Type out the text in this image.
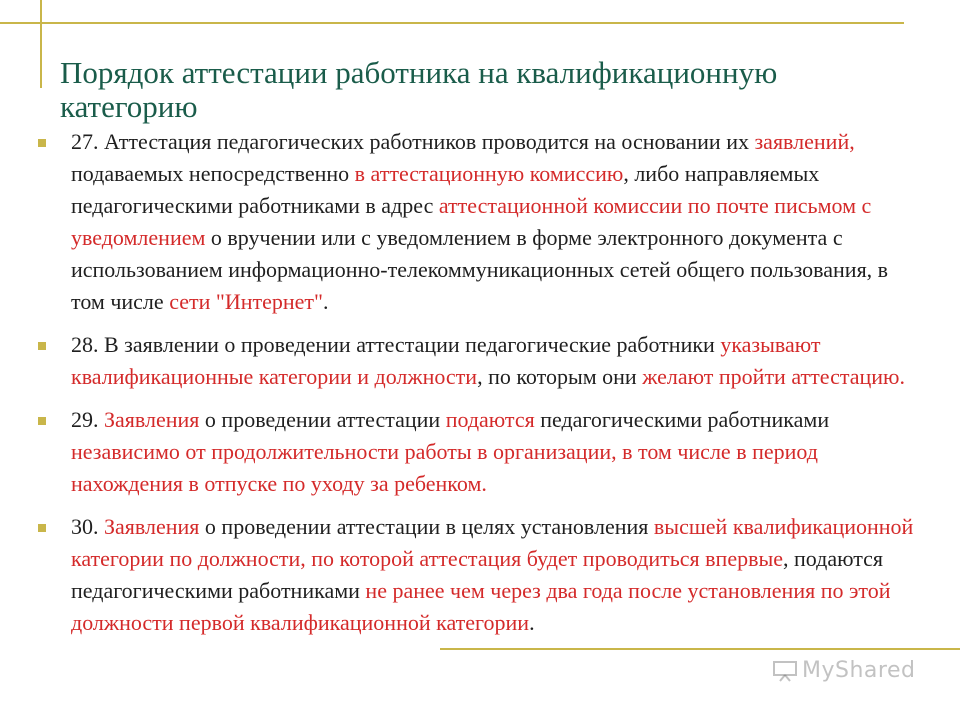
Порядок аттестации работника на квалификационную категорию
27. Аттестация педагогических работников проводится на основании их заявлений, подаваемых непосредственно в аттестационную комиссию, либо направляемых педагогическими работниками в адрес аттестационной комиссии по почте письмом с уведомлением о вручении или с уведомлением в форме электронного документа с использованием информационно-телекоммуникационных сетей общего пользования, в том числе сети "Интернет".
28. В заявлении о проведении аттестации педагогические работники указывают квалификационные категории и должности, по которым они желают пройти аттестацию.
29. Заявления о проведении аттестации подаются педагогическими работниками независимо от продолжительности работы в организации, в том числе в период нахождения в отпуске по уходу за ребенком.
30. Заявления о проведении аттестации в целях установления высшей квалификационной категории по должности, по которой аттестация будет проводиться впервые, подаются педагогическими работниками не ранее чем через два года после установления по этой должности первой квалификационной категории.
MyShared
